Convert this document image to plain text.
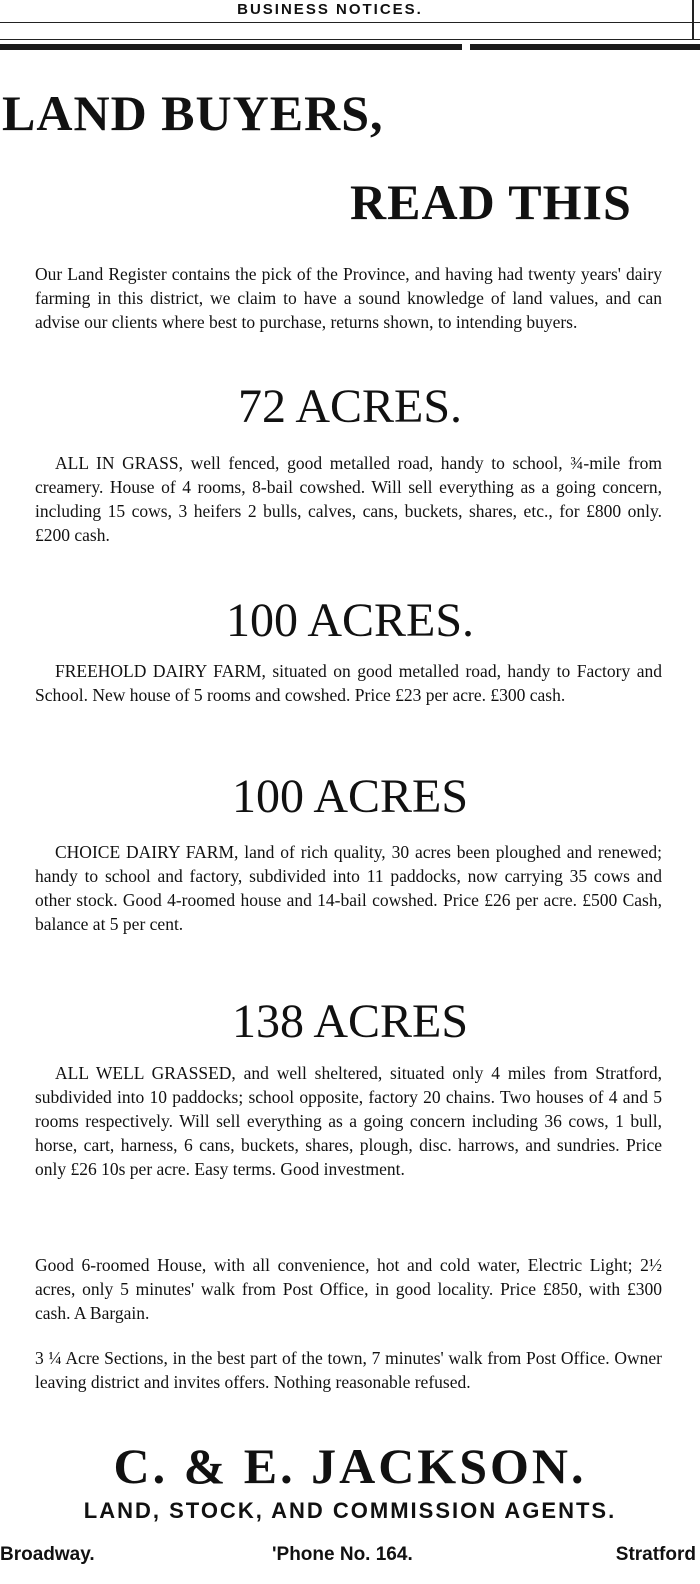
BUSINESS NOTICES.
LAND BUYERS,
READ THIS
Our Land Register contains the pick of the Province, and having had twenty years' dairy farming in this district, we claim to have a sound knowledge of land values, and can advise our clients where best to purchase, returns shown, to intending buyers.
72 ACRES.
ALL IN GRASS, well fenced, good metalled road, handy to school, ¾-mile from creamery. House of 4 rooms, 8-bail cowshed. Will sell everything as a going concern, including 15 cows, 3 heifers 2 bulls, calves, cans, buckets, shares, etc., for £800 only. £200 cash.
100 ACRES.
FREEHOLD DAIRY FARM, situated on good metalled road, handy to Factory and School. New house of 5 rooms and cowshed. Price £23 per acre. £300 cash.
100 ACRES
CHOICE DAIRY FARM, land of rich quality, 30 acres been ploughed and renewed; handy to school and factory, subdivided into 11 paddocks, now carrying 35 cows and other stock. Good 4-roomed house and 14-bail cowshed. Price £26 per acre. £500 Cash, balance at 5 per cent.
138 ACRES
ALL WELL GRASSED, and well sheltered, situated only 4 miles from Stratford, subdivided into 10 paddocks; school opposite, factory 20 chains. Two houses of 4 and 5 rooms respectively. Will sell everything as a going concern including 36 cows, 1 bull, horse, cart, harness, 6 cans, buckets, shares, plough, disc. harrows, and sundries. Price only £26 10s per acre. Easy terms. Good investment.
Good 6-roomed House, with all convenience, hot and cold water, Electric Light; 2½ acres, only 5 minutes' walk from Post Office, in good locality. Price £850, with £300 cash. A Bargain.
3 ¼ Acre Sections, in the best part of the town, 7 minutes' walk from Post Office. Owner leaving district and invites offers. Nothing reasonable refused.
C. & E. JACKSON.
LAND, STOCK, AND COMMISSION AGENTS.
Broadway.	'Phone No. 164.	Stratford
